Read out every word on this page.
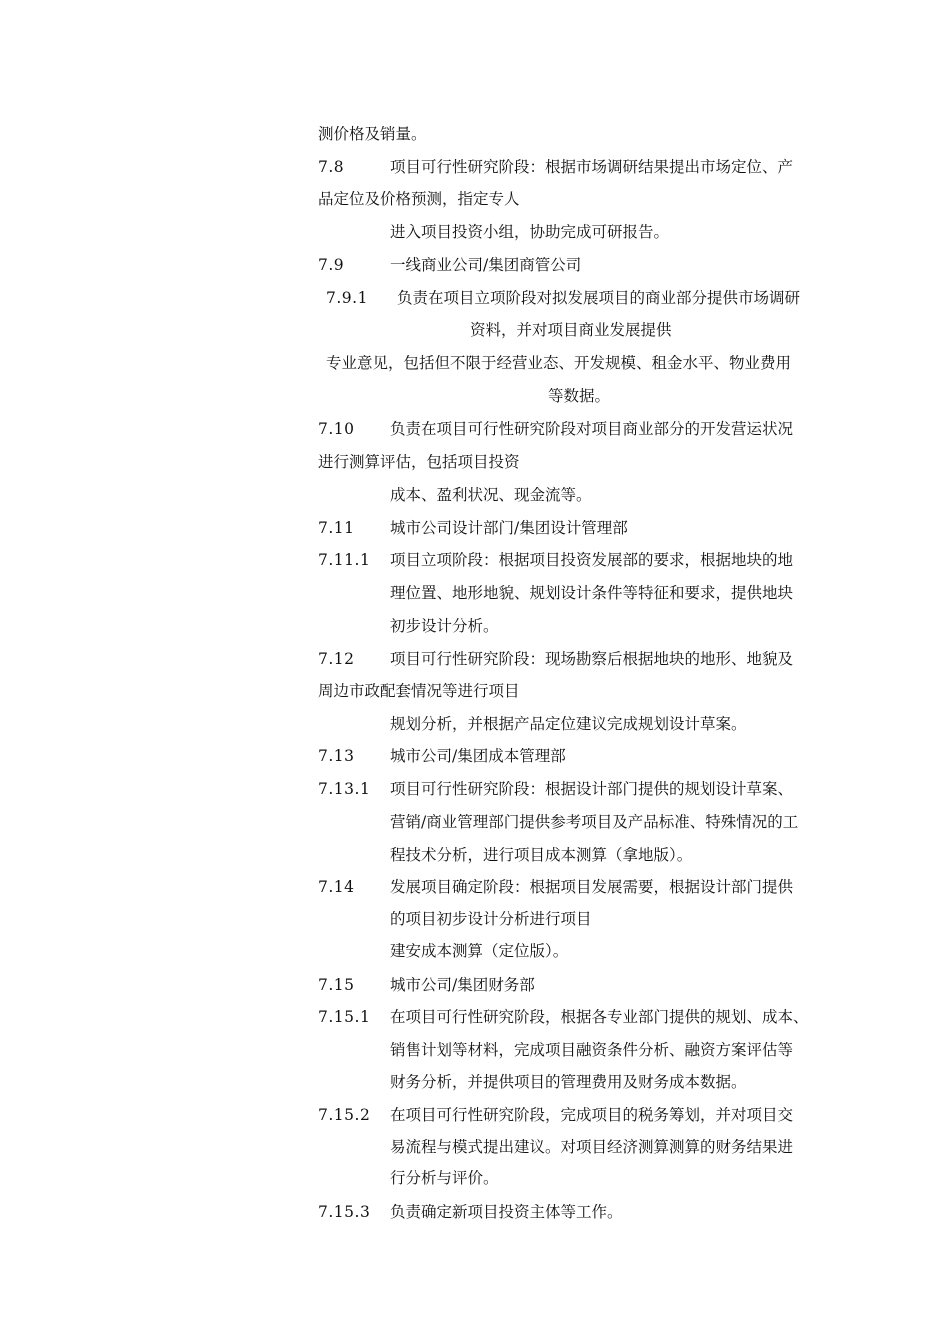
测价格及销量。
7.8	项目可行性研究阶段：根据市场调研结果提出市场定位、产
品定位及价格预测，指定专人
进入项目投资小组，协助完成可研报告。
7.9	一线商业公司/集团商管公司
7.9.1 负责在项目立项阶段对拟发展项目的商业部分提供市场调研
资料，并对项目商业发展提供
专业意见，包括但不限于经营业态、开发规模、租金水平、物业费用
等数据。
7.10 负责在项目可行性研究阶段对项目商业部分的开发营运状况
进行测算评估，包括项目投资
成本、盈利状况、现金流等。
7.11 城市公司设计部门/集团设计管理部
7.11.1 项目立项阶段：根据项目投资发展部的要求，根据地块的地
理位置、地形地貌、规划设计条件等特征和要求，提供地块
初步设计分析。
7.12 项目可行性研究阶段：现场勘察后根据地块的地形、地貌及
周边市政配套情况等进行项目
规划分析，并根据产品定位建议完成规划设计草案。
7.13 城市公司/集团成本管理部
7.13.1 项目可行性研究阶段：根据设计部门提供的规划设计草案、
营销/商业管理部门提供参考项目及产品标准、特殊情况的工
程技术分析，进行项目成本测算（拿地版）。
7.14 发展项目确定阶段：根据项目发展需要，根据设计部门提供
的项目初步设计分析进行项目
建安成本测算（定位版）。
7.15 城市公司/集团财务部
7.15.1 在项目可行性研究阶段，根据各专业部门提供的规划、成本、
销售计划等材料，完成项目融资条件分析、融资方案评估等
财务分析，并提供项目的管理费用及财务成本数据。
7.15.2 在项目可行性研究阶段，完成项目的税务筹划，并对项目交
易流程与模式提出建议。对项目经济测算测算的财务结果进
行分析与评价。
7.15.3 负责确定新项目投资主体等工作。
